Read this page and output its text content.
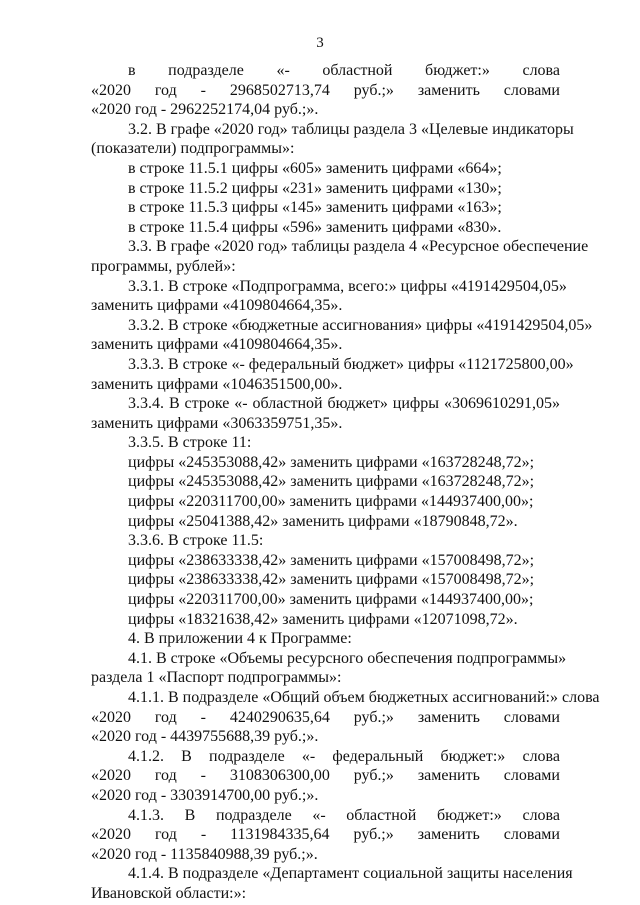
3
в подразделе «- областной бюджет:» слова
«2020 год - 2968502713,74 руб.;» заменить словами
«2020 год - 2962252174,04 руб.;».
3.2. В графе «2020 год» таблицы раздела 3 «Целевые индикаторы
(показатели) подпрограммы»:
в строке 11.5.1 цифры «605» заменить цифрами «664»;
в строке 11.5.2 цифры «231» заменить цифрами «130»;
в строке 11.5.3 цифры «145» заменить цифрами «163»;
в строке 11.5.4 цифры «596» заменить цифрами «830».
3.3. В графе «2020 год» таблицы раздела 4 «Ресурсное обеспечение
программы, рублей»:
3.3.1. В строке «Подпрограмма, всего:» цифры «4191429504,05»
заменить цифрами «4109804664,35».
3.3.2. В строке «бюджетные ассигнования» цифры «4191429504,05»
заменить цифрами «4109804664,35».
3.3.3. В строке «- федеральный бюджет» цифры «1121725800,00»
заменить цифрами «1046351500,00».
3.3.4. В строке «- областной бюджет» цифры «3069610291,05»
заменить цифрами «3063359751,35».
3.3.5. В строке 11:
цифры «245353088,42» заменить цифрами «163728248,72»;
цифры «245353088,42» заменить цифрами «163728248,72»;
цифры «220311700,00» заменить цифрами «144937400,00»;
цифры «25041388,42» заменить цифрами «18790848,72».
3.3.6. В строке 11.5:
цифры «238633338,42» заменить цифрами «157008498,72»;
цифры «238633338,42» заменить цифрами «157008498,72»;
цифры «220311700,00» заменить цифрами «144937400,00»;
цифры «18321638,42» заменить цифрами «12071098,72».
4. В приложении 4 к Программе:
4.1. В строке «Объемы ресурсного обеспечения подпрограммы»
раздела 1 «Паспорт подпрограммы»:
4.1.1. В подразделе «Общий объем бюджетных ассигнований:» слова
«2020 год - 4240290635,64 руб.;» заменить словами
«2020 год - 4439755688,39 руб.;».
4.1.2. В подразделе «- федеральный бюджет:» слова
«2020 год - 3108306300,00 руб.;» заменить словами
«2020 год - 3303914700,00 руб.;».
4.1.3. В подразделе «- областной бюджет:» слова
«2020 год - 1131984335,64 руб.;» заменить словами
«2020 год - 1135840988,39 руб.;».
4.1.4. В подразделе «Департамент социальной защиты населения
Ивановской области:»:
